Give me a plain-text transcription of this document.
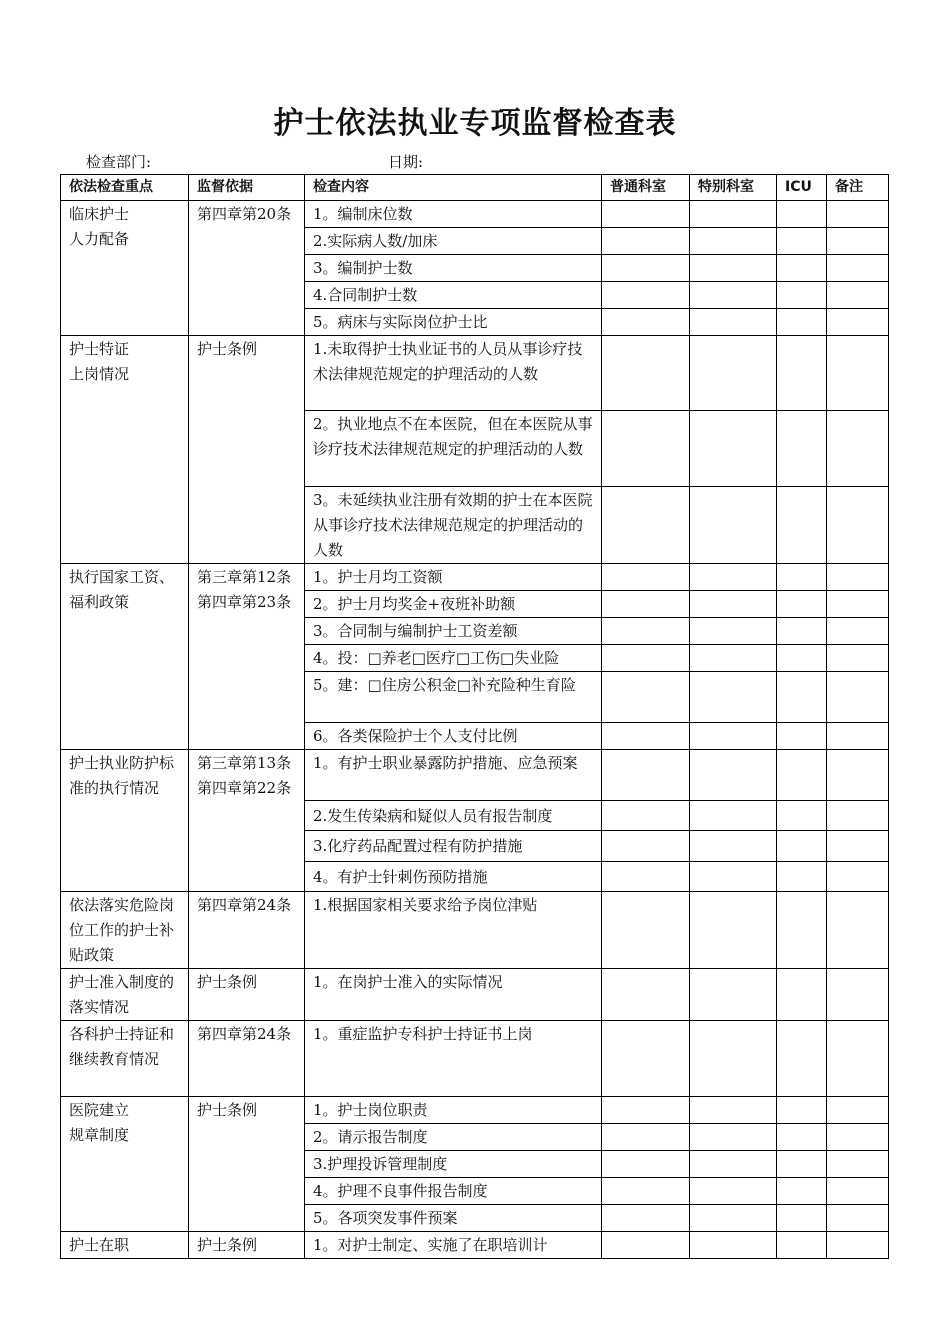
护士依法执业专项监督检查表
检查部门:	日期:
依法检查重点	监督依据	检查内容	普通科室	特别科室	ICU	备注
临床护士
人力配备	第四章第20条	1。编制床位数				
		2.实际病人数/加床				
		3。编制护士数				
		4.合同制护士数				
		5。病床与实际岗位护士比				
护士特证
上岗情况	护士条例	1.未取得护士执业证书的人员从事诊疗技术法律规范规定的护理活动的人数				
		2。执业地点不在本医院，但在本医院从事诊疗技术法律规范规定的护理活动的人数				
		3。未延续执业注册有效期的护士在本医院从事诊疗技术法律规范规定的护理活动的人数				
执行国家工资、福利政策	第三章第12条第四章第23条	1。护士月均工资额				
		2。护士月均奖金+夜班补助额				
		3。合同制与编制护士工资差额				
		4。投：□养老□医疗□工伤□失业险				
		5。建：□住房公积金□补充险种生育险				
		6。各类保险护士个人支付比例				
护士执业防护标准的执行情况	第三章第13条第四章第22条	1。有护士职业暴露防护措施、应急预案				
		2.发生传染病和疑似人员有报告制度				
		3.化疗药品配置过程有防护措施				
		4。有护士针刺伤预防措施				
依法落实危险岗位工作的护士补贴政策	第四章第24条	1.根据国家相关要求给予岗位津贴				
护士准入制度的落实情况	护士条例	1。在岗护士准入的实际情况				
各科护士持证和继续教育情况	第四章第24条	1。重症监护专科护士持证书上岗				
医院建立
规章制度	护士条例	1。护士岗位职责				
		2。请示报告制度				
		3.护理投诉管理制度				
		4。护理不良事件报告制度				
		5。各项突发事件预案				
护士在职	护士条例	1。对护士制定、实施了在职培训计				
